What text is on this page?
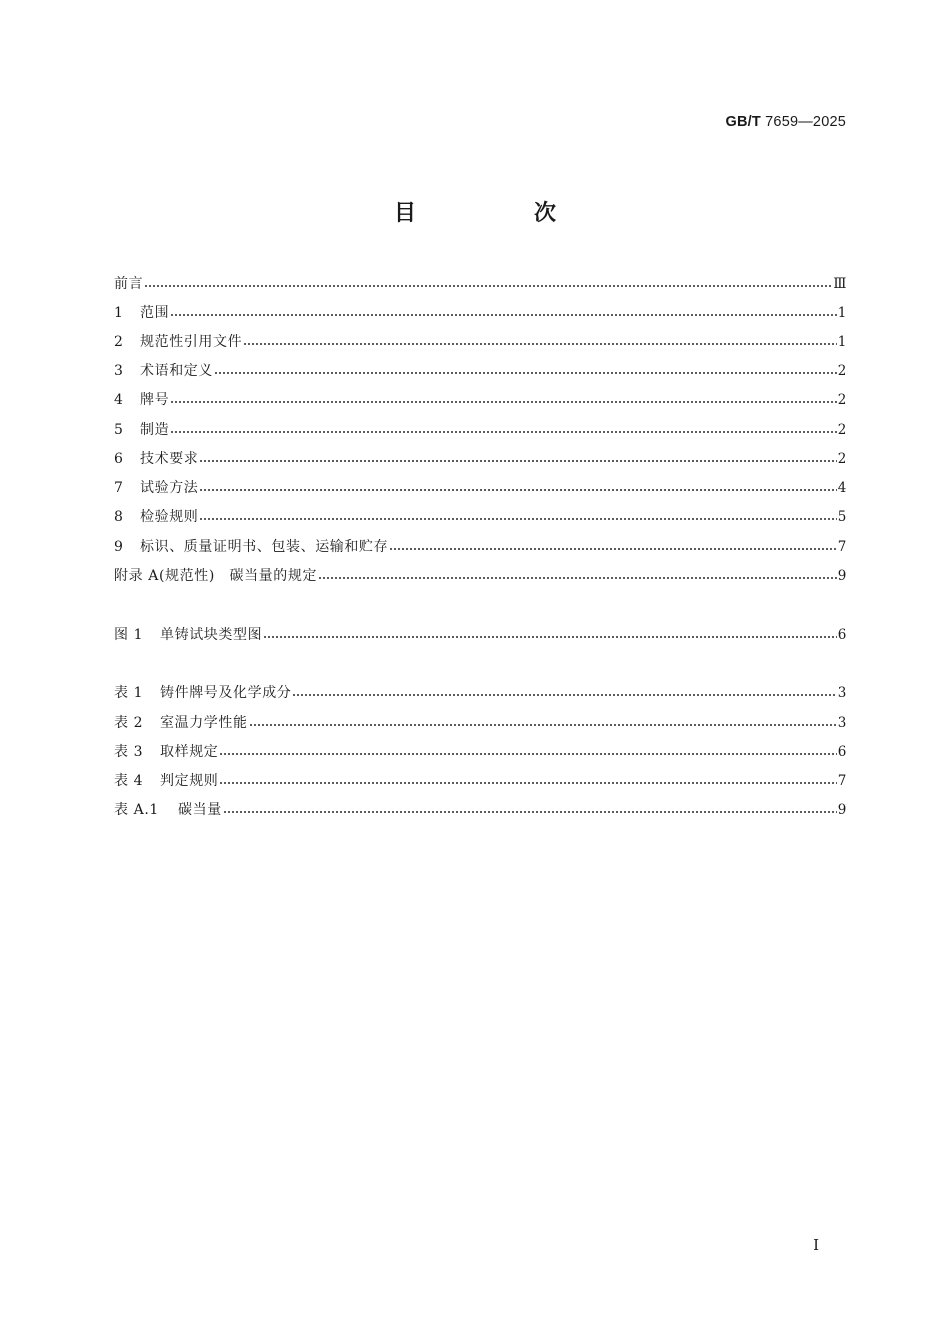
GB/T 7659—2025
目　次
前言	Ⅲ
1	范围	1
2	规范性引用文件	1
3	术语和定义	2
4	牌号	2
5	制造	2
6	技术要求	2
7	试验方法	4
8	检验规则	5
9	标识、质量证明书、包装、运输和贮存	7
附录 A(规范性)　碳当量的规定	9
图 1	单铸试块类型图	6
表 1	铸件牌号及化学成分	3
表 2	室温力学性能	3
表 3	取样规定	6
表 4	判定规则	7
表 A.1	碳当量	9
I
